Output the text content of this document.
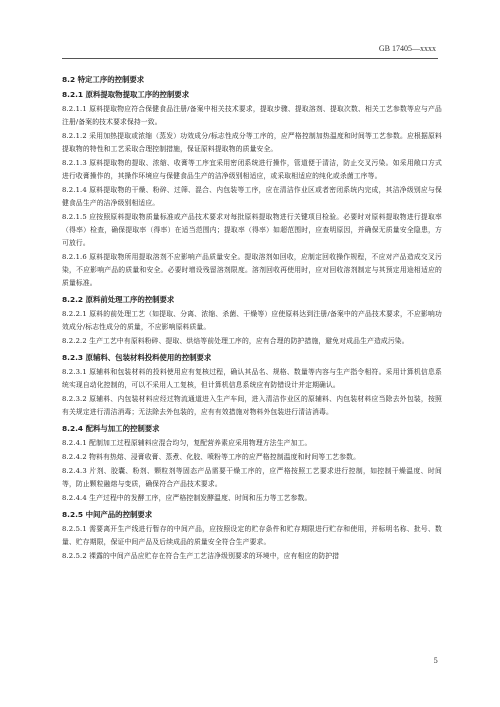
GB 17405—xxxx
8.2 特定工序的控制要求
8.2.1 原料提取物提取工序的控制要求
8.2.1.1 原料提取物应符合保健食品注册/备案中相关技术要求，提取步骤、提取溶剂、提取次数、相关工艺参数等应与产品注册/备案的技术要求保持一致。
8.2.1.2 采用加热提取或浓缩（蒸发）功效成分/标志性成分等工序的，应严格控制加热温度和时间等工艺参数。应根据原料提取物的特性和工艺采取合理控制措施，保证原料提取物的质量安全。
8.2.1.3 原料提取物的提取、浓缩、收膏等工序宜采用密闭系统进行操作，管道便于清洁，防止交叉污染。如采用敞口方式进行收膏操作的，其操作环境应与保健食品生产的洁净级别相适应，或采取相适应的纯化或杀菌工序等。
8.2.1.4 原料提取物的干燥、粉碎、过筛、混合、内包装等工序，应在清洁作业区或者密闭系统内完成，其洁净级别应与保健食品生产的洁净级别相适应。
8.2.1.5 应按照原料提取物质量标准或产品技术要求对每批原料提取物进行关键项目检验。必要时对原料提取物进行提取率（得率）检查，确保提取率（得率）在适当范围内；提取率（得率）如超范围时，应查明原因，并确保无质量安全隐患，方可放行。
8.2.1.6 原料提取物所用提取溶剂不应影响产品质量安全。提取溶剂如回收，应制定回收操作规程，不应对产品造成交叉污染，不应影响产品的质量和安全。必要时增设残留溶剂限度。溶剂回收再使用时，应对回收溶剂制定与其预定用途相适应的质量标准。
8.2.2 原料前处理工序的控制要求
8.2.2.1 原料的前处理工艺（如提取、分离、浓缩、杀菌、干燥等）应使原料达到注册/备案中的产品技术要求，不应影响功效成分/标志性成分的质量，不应影响原料质量。
8.2.2.2 生产工艺中有原料粉碎、提取、烘焙等前处理工序的，应有合理的防护措施，避免对成品生产造成污染。
8.2.3 原辅料、包装材料投料使用的控制要求
8.2.3.1 原辅料和包装材料的投料使用应有复核过程，确认其品名、规格、数量等内容与生产指令相符。采用计算机信息系统实现自动化控制的，可以不采用人工复核，但计算机信息系统应有防错设计并定期确认。
8.2.3.2 原辅料、内包装材料应经过物流通道进入生产车间，进入清洁作业区的原辅料、内包装材料应当除去外包装，按照有关规定进行清洁消毒；无法除去外包装的，应有有效措施对物料外包装进行清洁消毒。
8.2.4 配料与加工的控制要求
8.2.4.1 配制加工过程原辅料应混合均匀，复配营养素应采用物理方法生产加工。
8.2.4.2 物料有热熔、浸膏收膏、蒸煮、化胶、喷粉等工序的应严格控制温度和时间等工艺参数。
8.2.4.3 片剂、胶囊、粉剂、颗粒剂等固态产品需要干燥工序的，应严格按照工艺要求进行控制，如控制干燥温度、时间等，防止颗粒融熔与变质，确保符合产品技术要求。
8.2.4.4 生产过程中的发酵工序，应严格控制发酵温度、时间和压力等工艺参数。
8.2.5 中间产品的控制要求
8.2.5.1 需要离开生产线进行暂存的中间产品，应按照设定的贮存条件和贮存期限进行贮存和使用，并标明名称、批号、数量、贮存期限，保证中间产品及后续成品的质量安全符合生产要求。
8.2.5.2 裸露的中间产品应贮存在符合生产工艺洁净级别要求的环境中，应有相应的防护措
5
